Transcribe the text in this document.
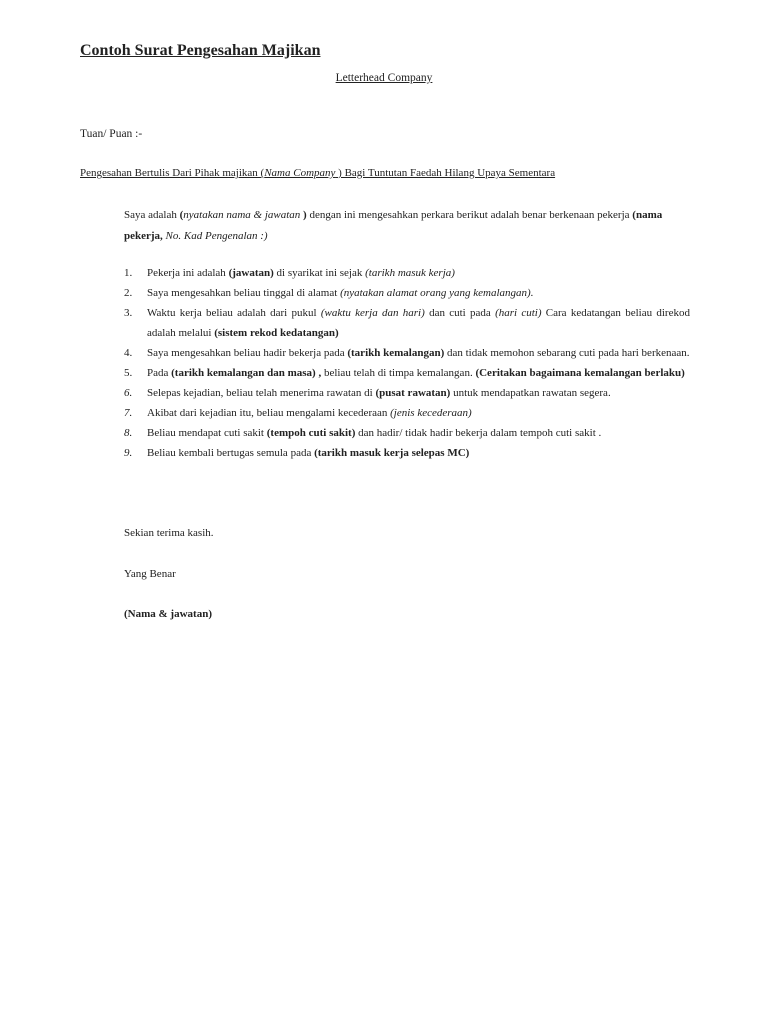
Contoh Surat Pengesahan Majikan
Letterhead Company
Tuan/ Puan :-
Pengesahan Bertulis Dari Pihak majikan (Nama Company ) Bagi Tuntutan Faedah Hilang Upaya Sementara
Saya adalah (nyatakan nama & jawatan ) dengan ini mengesahkan perkara berikut adalah benar berkenaan pekerja (nama pekerja, No. Kad Pengenalan :)
1. Pekerja ini adalah (jawatan) di syarikat ini sejak (tarikh masuk kerja)
2. Saya mengesahkan beliau tinggal di alamat (nyatakan alamat orang yang kemalangan).
3. Waktu kerja beliau adalah dari pukul (waktu kerja dan hari) dan cuti pada (hari cuti) Cara kedatangan beliau direkod adalah melalui (sistem rekod kedatangan)
4. Saya mengesahkan beliau hadir bekerja pada (tarikh kemalangan) dan tidak memohon sebarang cuti pada hari berkenaan.
5. Pada (tarikh kemalangan dan masa) , beliau telah di timpa kemalangan. (Ceritakan bagaimana kemalangan berlaku)
6. Selepas kejadian, beliau telah menerima rawatan di (pusat rawatan) untuk mendapatkan rawatan segera.
7. Akibat dari kejadian itu, beliau mengalami kecederaan (jenis kecederaan)
8. Beliau mendapat cuti sakit (tempoh cuti sakit) dan hadir/ tidak hadir bekerja dalam tempoh cuti sakit .
9. Beliau kembali bertugas semula pada (tarikh masuk kerja selepas MC)
Sekian terima kasih.
Yang Benar
(Nama & jawatan)
